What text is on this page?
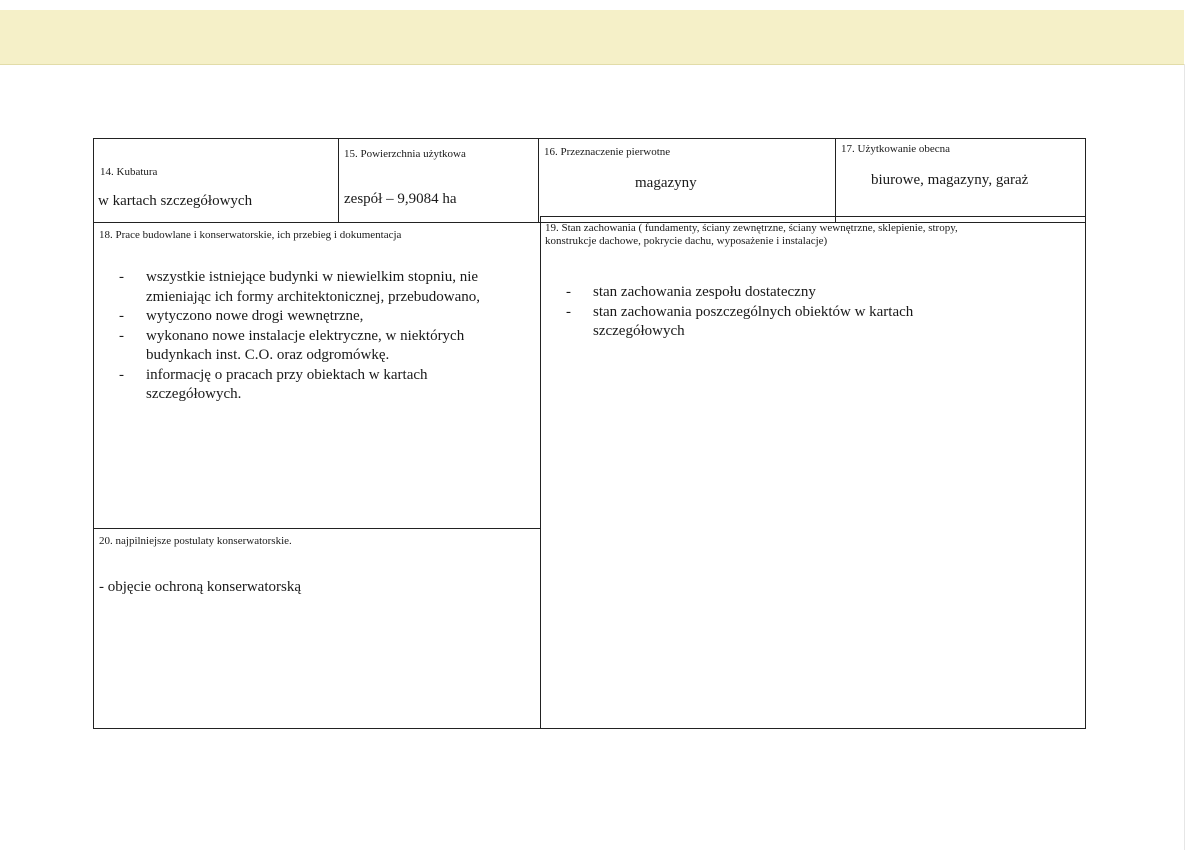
14. Kubatura
w kartach szczegółowych
15. Powierzchnia użytkowa
zespół – 9,9084 ha
16. Przeznaczenie pierwotne
magazyny
17. Użytkowanie obecna
biurowe, magazyny, garaż
18. Prace budowlane i konserwatorskie, ich przebieg i dokumentacja
- wszystkie istniejące budynki w niewielkim stopniu, nie zmieniając ich formy architektonicznej, przebudowano,
- wytyczono nowe drogi wewnętrzne,
- wykonano nowe instalacje elektryczne, w niektórych budynkach inst. C.O. oraz odgromówkę.
- informację o pracach przy obiektach w kartach szczegółowych.
19. Stan zachowania ( fundamenty, ściany zewnętrzne, ściany wewnętrzne, sklepienie, stropy,
konstrukcje dachowe, pokrycie dachu, wyposażenie i instalacje)
- stan zachowania zespołu dostateczny
- stan zachowania poszczególnych obiektów w kartach szczegółowych
20. najpilniejsze postulaty konserwatorskie.
- objęcie ochroną konserwatorską
